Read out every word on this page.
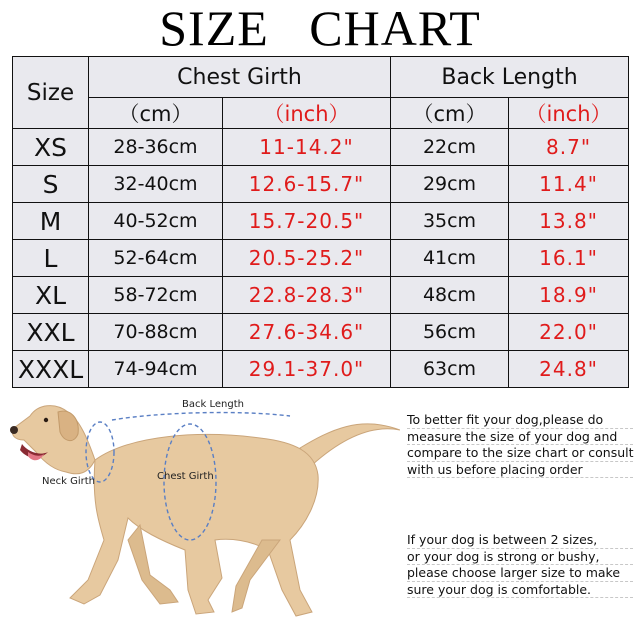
SIZE   CHART
Size	Chest Girth		Back Length	
	（cm）	（inch）	（cm）	（inch）
XS	28-36cm	11-14.2"	22cm	8.7"
S	32-40cm	12.6-15.7"	29cm	11.4"
M	40-52cm	15.7-20.5"	35cm	13.8"
L	52-64cm	20.5-25.2"	41cm	16.1"
XL	58-72cm	22.8-28.3"	48cm	18.9"
XXL	70-88cm	27.6-34.6"	56cm	22.0"
XXXL	74-94cm	29.1-37.0"	63cm	24.8"
Back Length
Chest Girth
Neck Girth
To better fit your dog,please do
measure the size of your dog and
compare to the size chart or consult
with us before placing order
If your dog is between 2 sizes,
or your dog is strong or bushy,
please choose larger size to make
sure your dog is comfortable.
